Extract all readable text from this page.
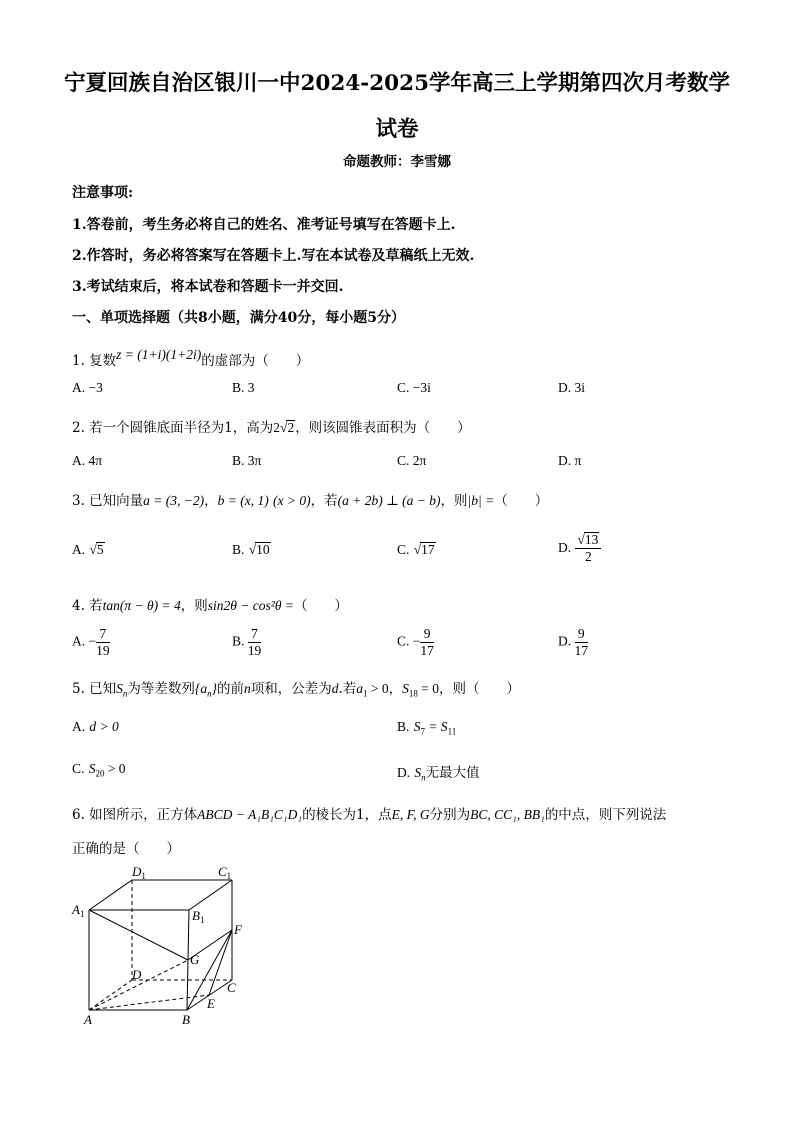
宁夏回族自治区银川一中2024-2025学年高三上学期第四次月考数学
试卷
命题教师：李雪娜
注意事项:
1.答卷前，考生务必将自己的姓名、准考证号填写在答题卡上.
2.作答时，务必将答案写在答题卡上.写在本试卷及草稿纸上无效.
3.考试结束后，将本试卷和答题卡一并交回.
一、单项选择题（共8小题，满分40分，每小题5分）
1. 复数z = (1+i)(1+2i)的虚部为（　　）
A. −3	B. 3	C. −3i	D. 3i
2. 若一个圆锥底面半径为1，高为2√2，则该圆锥表面积为（　　）
A. 4π	B. 3π	C. 2π	D. π
3. 已知向量a = (3, −2)，b = (x, 1) (x > 0)，若(a + 2b) ⊥ (a − b)，则|b| =（　　）
A. √5	B. √10	C. √17	D. $\frac{√13}{2}$
4. 若tan(π − θ) = 4，则sin2θ − cos²θ =（　　）
A. − $\frac{7}{19}$	B. $\frac{7}{19}$	C. − $\frac{9}{17}$	D. $\frac{9}{17}$
5. 已知$S_n$为等差数列$\{a_n\}$的前n项和，公差为d.若$a_1 > 0$，$S_{18} = 0$，则（　　）
A. d > 0	B. $S_7 = S_{11}$
C. $S_{20} > 0$	D. $S_n$无最大值
6. 如图所示，正方体ABCD − A₁B₁C₁D₁的棱长为1，点E, F, G分别为BC, CC₁, BB₁的中点，则下列说法
正确的是（　　）
$D_1$	$C_1$
$A_1$	$B_1$
F
G
D
C
E
A	B
